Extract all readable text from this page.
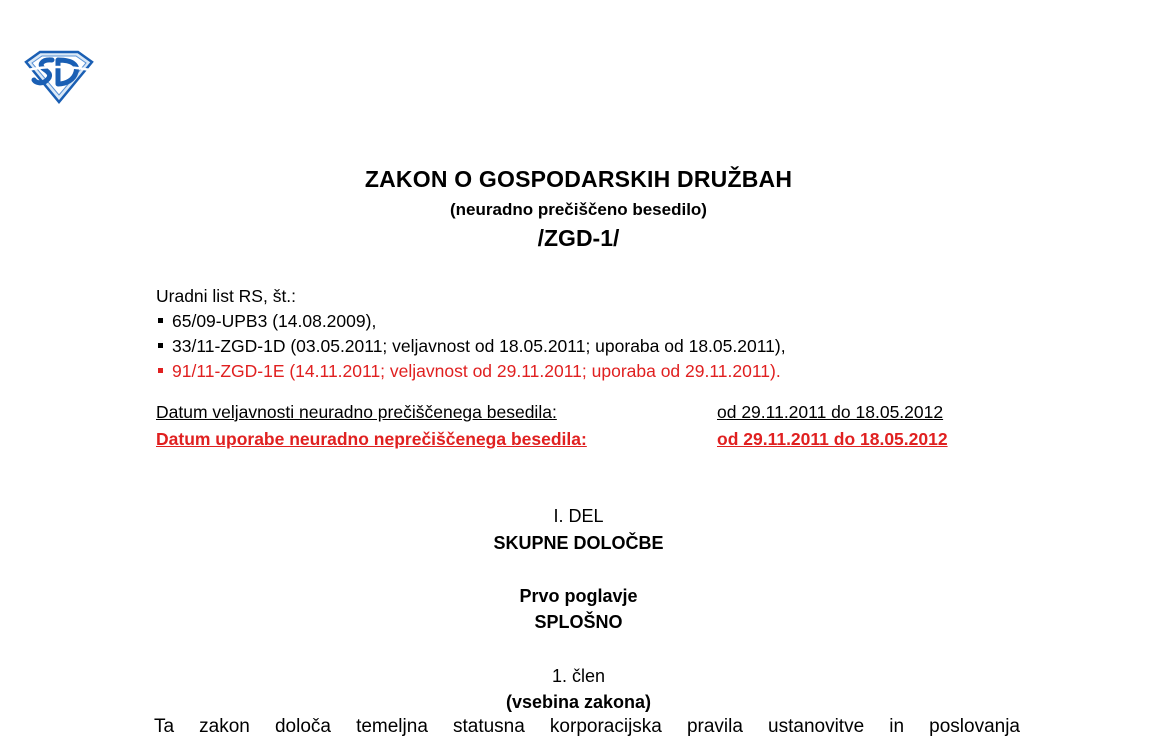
ZAKON O GOSPODARSKIH DRUŽBAH
(neuradno prečiščeno besedilo)
/ZGD-1/
Uradni list RS, št.:
65/09-UPB3 (14.08.2009),
33/11-ZGD-1D (03.05.2011; veljavnost od 18.05.2011; uporaba od 18.05.2011),
91/11-ZGD-1E (14.11.2011; veljavnost od 29.11.2011; uporaba od 29.11.2011).
Datum veljavnosti neuradno prečiščenega besedila:	od 29.11.2011 do 18.05.2012
Datum uporabe neuradno neprečiščenega besedila:	od 29.11.2011 do 18.05.2012
I. DEL
SKUPNE DOLOČBE
Prvo poglavje
SPLOŠNO
1. člen
(vsebina zakona)
Ta zakon določa temeljna statusna korporacijska pravila ustanovitve in poslovanja
